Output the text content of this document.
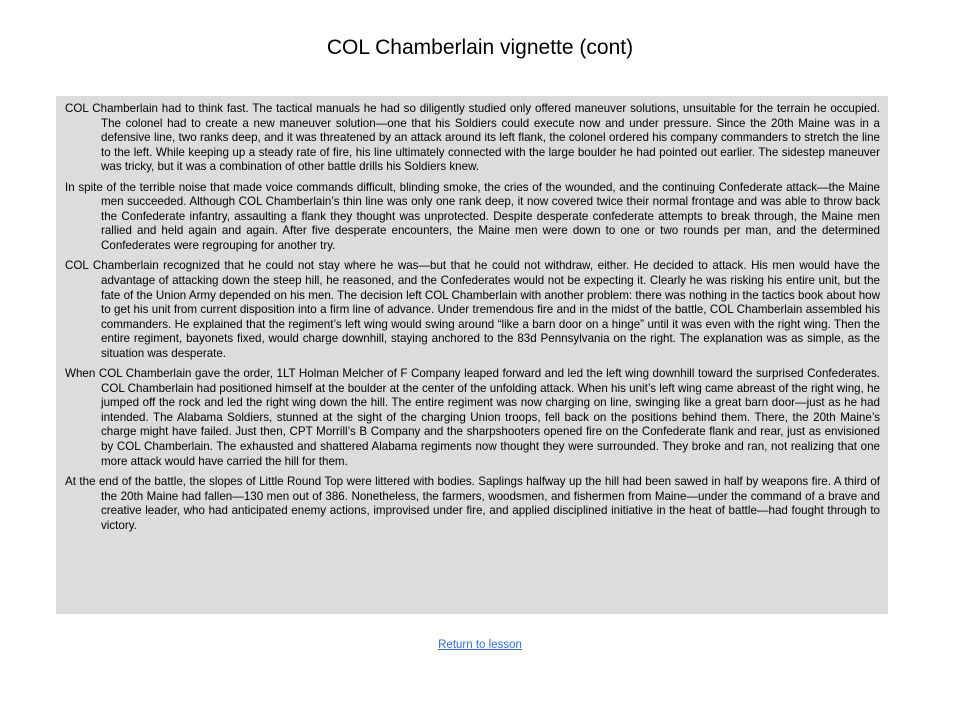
COL Chamberlain vignette (cont)

COL Chamberlain had to think fast. The tactical manuals he had so diligently studied only offered maneuver solutions, unsuitable for the terrain he occupied. The colonel had to create a new maneuver solution—one that his Soldiers could execute now and under pressure. Since the 20th Maine was in a defensive line, two ranks deep, and it was threatened by an attack around its left flank, the colonel ordered his company commanders to stretch the line to the left. While keeping up a steady rate of fire, his line ultimately connected with the large boulder he had pointed out earlier. The sidestep maneuver was tricky, but it was a combination of other battle drills his Soldiers knew.

In spite of the terrible noise that made voice commands difficult, blinding smoke, the cries of the wounded, and the continuing Confederate attack—the Maine men succeeded. Although COL Chamberlain’s thin line was only one rank deep, it now covered twice their normal frontage and was able to throw back the Confederate infantry, assaulting a flank they thought was unprotected. Despite desperate confederate attempts to break through, the Maine men rallied and held again and again. After five desperate encounters, the Maine men were down to one or two rounds per man, and the determined Confederates were regrouping for another try.

COL Chamberlain recognized that he could not stay where he was—but that he could not withdraw, either. He decided to attack. His men would have the advantage of attacking down the steep hill, he reasoned, and the Confederates would not be expecting it. Clearly he was risking his entire unit, but the fate of the Union Army depended on his men. The decision left COL Chamberlain with another problem: there was nothing in the tactics book about how to get his unit from current disposition into a firm line of advance. Under tremendous fire and in the midst of the battle, COL Chamberlain assembled his commanders. He explained that the regiment’s left wing would swing around “like a barn door on a hinge” until it was even with the right wing. Then the entire regiment, bayonets fixed, would charge downhill, staying anchored to the 83d Pennsylvania on the right. The explanation was as simple, as the situation was desperate.

When COL Chamberlain gave the order, 1LT Holman Melcher of F Company leaped forward and led the left wing downhill toward the surprised Confederates. COL Chamberlain had positioned himself at the boulder at the center of the unfolding attack. When his unit’s left wing came abreast of the right wing, he jumped off the rock and led the right wing down the hill. The entire regiment was now charging on line, swinging like a great barn door—just as he had intended. The Alabama Soldiers, stunned at the sight of the charging Union troops, fell back on the positions behind them. There, the 20th Maine’s charge might have failed. Just then, CPT Morrill’s B Company and the sharpshooters opened fire on the Confederate flank and rear, just as envisioned by COL Chamberlain. The exhausted and shattered Alabama regiments now thought they were surrounded. They broke and ran, not realizing that one more attack would have carried the hill for them.

At the end of the battle, the slopes of Little Round Top were littered with bodies. Saplings halfway up the hill had been sawed in half by weapons fire. A third of the 20th Maine had fallen—130 men out of 386. Nonetheless, the farmers, woodsmen, and fishermen from Maine—under the command of a brave and creative leader, who had anticipated enemy actions, improvised under fire, and applied disciplined initiative in the heat of battle—had fought through to victory.

Return to lesson
